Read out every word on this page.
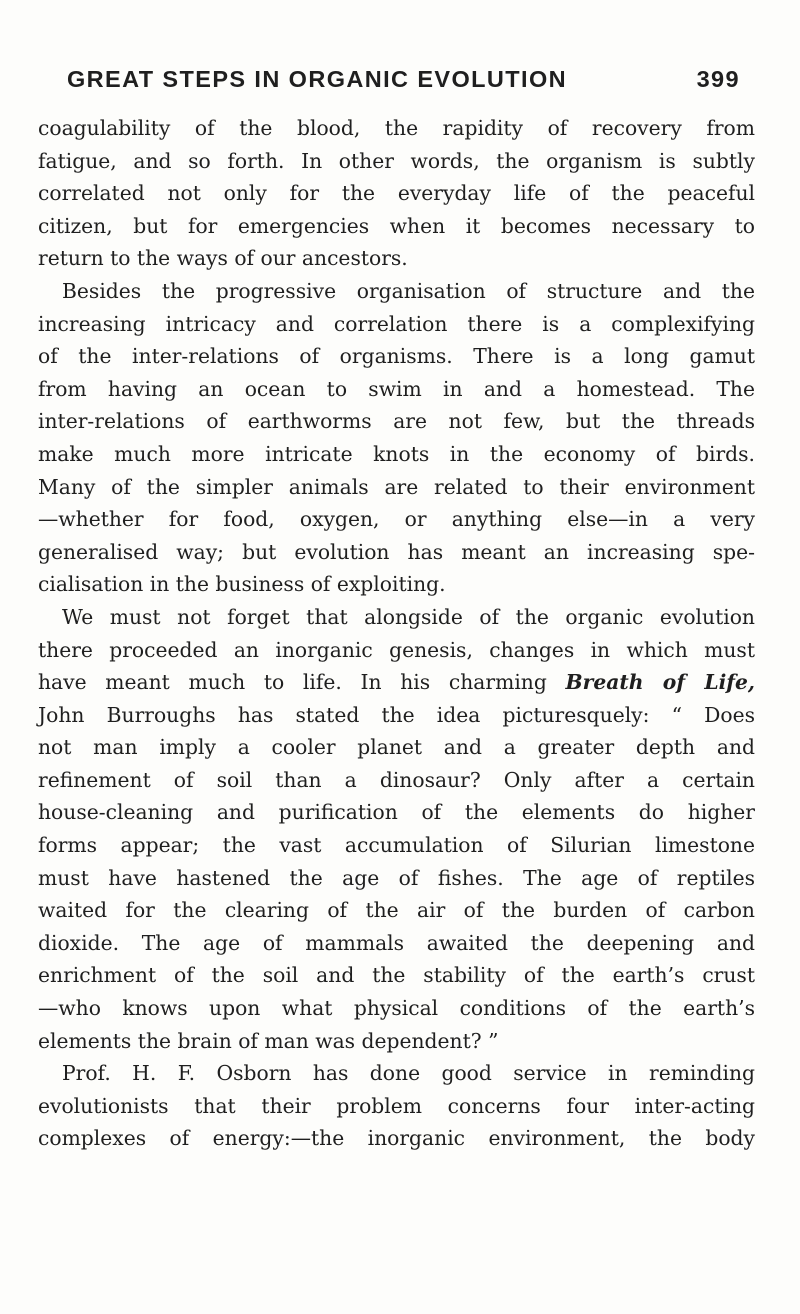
GREAT STEPS IN ORGANIC EVOLUTION	399
coagulability of the blood, the rapidity of recovery from
fatigue, and so forth. In other words, the organism is subtly
correlated not only for the everyday life of the peaceful
citizen, but for emergencies when it becomes necessary to
return to the ways of our ancestors.
Besides the progressive organisation of structure and the
increasing intricacy and correlation there is a complexifying
of the inter-relations of organisms. There is a long gamut
from having an ocean to swim in and a homestead. The
inter-relations of earthworms are not few, but the threads
make much more intricate knots in the economy of birds.
Many of the simpler animals are related to their environment
—whether for food, oxygen, or anything else—in a very
generalised way; but evolution has meant an increasing spe-
cialisation in the business of exploiting.
We must not forget that alongside of the organic evolution
there proceeded an inorganic genesis, changes in which must
have meant much to life. In his charming Breath of Life,
John Burroughs has stated the idea picturesquely: “ Does
not man imply a cooler planet and a greater depth and
refinement of soil than a dinosaur? Only after a certain
house-cleaning and purification of the elements do higher
forms appear; the vast accumulation of Silurian limestone
must have hastened the age of fishes. The age of reptiles
waited for the clearing of the air of the burden of carbon
dioxide. The age of mammals awaited the deepening and
enrichment of the soil and the stability of the earth’s crust
—who knows upon what physical conditions of the earth’s
elements the brain of man was dependent? ”
Prof. H. F. Osborn has done good service in reminding
evolutionists that their problem concerns four inter-acting
complexes of energy:—the inorganic environment, the body
